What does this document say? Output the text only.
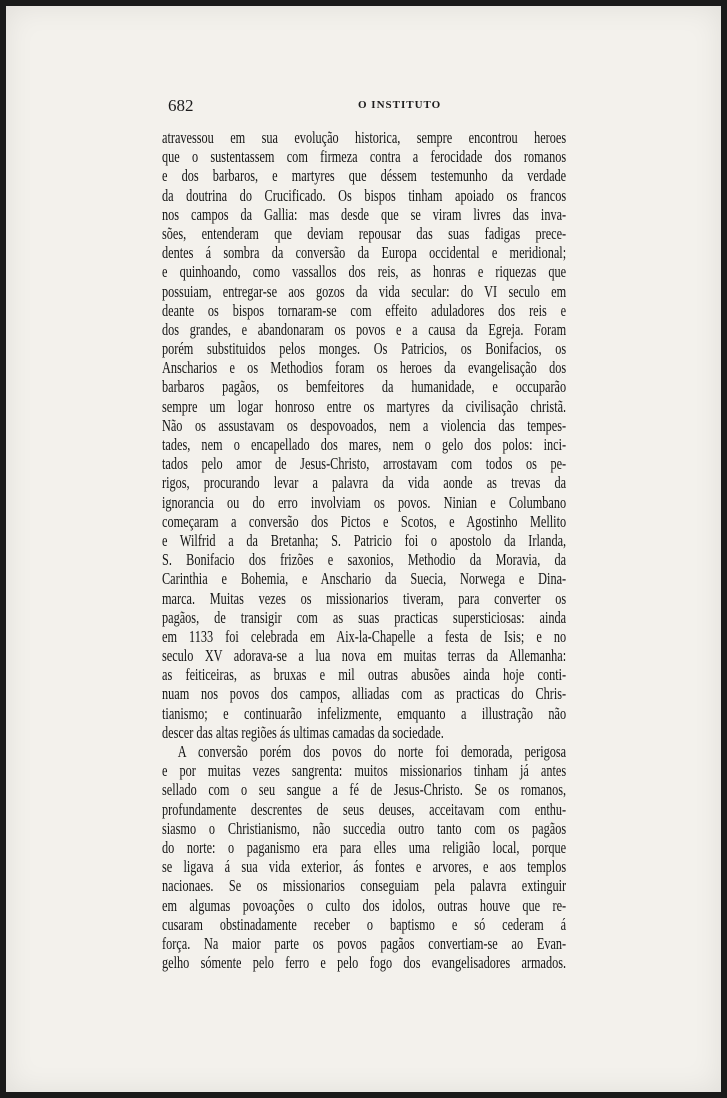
682	O INSTITUTO
atravessou em sua evolução historica, sempre encontrou heroes
que o sustentassem com firmeza contra a ferocidade dos romanos
e dos barbaros, e martyres que déssem testemunho da verdade
da doutrina do Crucificado. Os bispos tinham apoiado os francos
nos campos da Gallia: mas desde que se viram livres das inva-
sões, entenderam que deviam repousar das suas fadigas prece-
dentes á sombra da conversão da Europa occidental e meridional;
e quinhoando, como vassallos dos reis, as honras e riquezas que
possuiam, entregar-se aos gozos da vida secular: do VI seculo em
deante os bispos tornaram-se com effeito aduladores dos reis e
dos grandes, e abandonaram os povos e a causa da Egreja. Foram
porém substituidos pelos monges. Os Patricios, os Bonifacios, os
Anscharios e os Methodios foram os heroes da evangelisação dos
barbaros pagãos, os bemfeitores da humanidade, e occuparão
sempre um logar honroso entre os martyres da civilisação christã.
Não os assustavam os despovoados, nem a violencia das tempes-
tades, nem o encapellado dos mares, nem o gelo dos polos: inci-
tados pelo amor de Jesus-Christo, arrostavam com todos os pe-
rigos, procurando levar a palavra da vida aonde as trevas da
ignorancia ou do erro involviam os povos. Ninian e Columbano
começaram a conversão dos Pictos e Scotos, e Agostinho Mellito
e Wilfrid a da Bretanha; S. Patricio foi o apostolo da Irlanda,
S. Bonifacio dos frizões e saxonios, Methodio da Moravia, da
Carinthia e Bohemia, e Anschario da Suecia, Norwega e Dina-
marca. Muitas vezes os missionarios tiveram, para converter os
pagãos, de transigir com as suas practicas supersticiosas: ainda
em 1133 foi celebrada em Aix-la-Chapelle a festa de Isis; e no
seculo XV adorava-se a lua nova em muitas terras da Allemanha:
as feiticeiras, as bruxas e mil outras abusões ainda hoje conti-
nuam nos povos dos campos, alliadas com as practicas do Chris-
tianismo; e continuarão infelizmente, emquanto a illustração não
descer das altas regiões ás ultimas camadas da sociedade.
A conversão porém dos povos do norte foi demorada, perigosa
e por muitas vezes sangrenta: muitos missionarios tinham já antes
sellado com o seu sangue a fé de Jesus-Christo. Se os romanos,
profundamente descrentes de seus deuses, acceitavam com enthu-
siasmo o Christianismo, não succedia outro tanto com os pagãos
do norte: o paganismo era para elles uma religião local, porque
se ligava á sua vida exterior, ás fontes e arvores, e aos templos
nacionaes. Se os missionarios conseguiam pela palavra extinguir
em algumas povoações o culto dos idolos, outras houve que re-
cusaram obstinadamente receber o baptismo e só cederam á
força. Na maior parte os povos pagãos convertiam-se ao Evan-
gelho sómente pelo ferro e pelo fogo dos evangelisadores armados.
